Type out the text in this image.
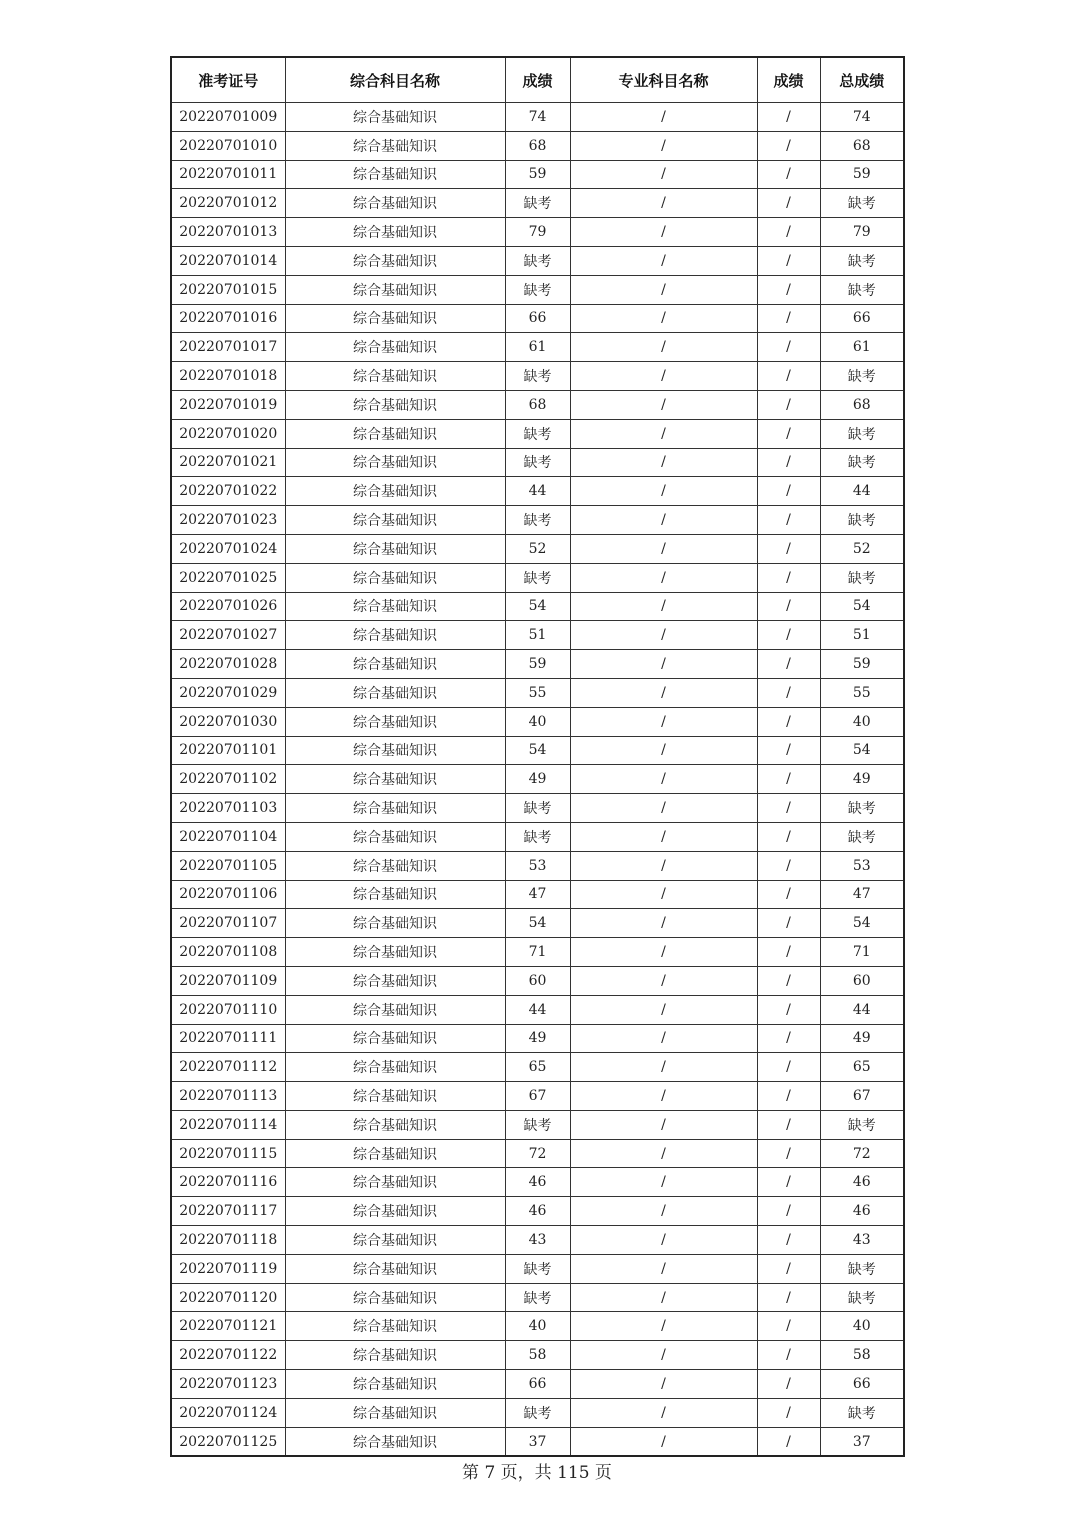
准考证号	综合科目名称	成绩	专业科目名称	成绩	总成绩
20220701009	综合基础知识	74	/	/	74
20220701010	综合基础知识	68	/	/	68
20220701011	综合基础知识	59	/	/	59
20220701012	综合基础知识	缺考	/	/	缺考
20220701013	综合基础知识	79	/	/	79
20220701014	综合基础知识	缺考	/	/	缺考
20220701015	综合基础知识	缺考	/	/	缺考
20220701016	综合基础知识	66	/	/	66
20220701017	综合基础知识	61	/	/	61
20220701018	综合基础知识	缺考	/	/	缺考
20220701019	综合基础知识	68	/	/	68
20220701020	综合基础知识	缺考	/	/	缺考
20220701021	综合基础知识	缺考	/	/	缺考
20220701022	综合基础知识	44	/	/	44
20220701023	综合基础知识	缺考	/	/	缺考
20220701024	综合基础知识	52	/	/	52
20220701025	综合基础知识	缺考	/	/	缺考
20220701026	综合基础知识	54	/	/	54
20220701027	综合基础知识	51	/	/	51
20220701028	综合基础知识	59	/	/	59
20220701029	综合基础知识	55	/	/	55
20220701030	综合基础知识	40	/	/	40
20220701101	综合基础知识	54	/	/	54
20220701102	综合基础知识	49	/	/	49
20220701103	综合基础知识	缺考	/	/	缺考
20220701104	综合基础知识	缺考	/	/	缺考
20220701105	综合基础知识	53	/	/	53
20220701106	综合基础知识	47	/	/	47
20220701107	综合基础知识	54	/	/	54
20220701108	综合基础知识	71	/	/	71
20220701109	综合基础知识	60	/	/	60
20220701110	综合基础知识	44	/	/	44
20220701111	综合基础知识	49	/	/	49
20220701112	综合基础知识	65	/	/	65
20220701113	综合基础知识	67	/	/	67
20220701114	综合基础知识	缺考	/	/	缺考
20220701115	综合基础知识	72	/	/	72
20220701116	综合基础知识	46	/	/	46
20220701117	综合基础知识	46	/	/	46
20220701118	综合基础知识	43	/	/	43
20220701119	综合基础知识	缺考	/	/	缺考
20220701120	综合基础知识	缺考	/	/	缺考
20220701121	综合基础知识	40	/	/	40
20220701122	综合基础知识	58	/	/	58
20220701123	综合基础知识	66	/	/	66
20220701124	综合基础知识	缺考	/	/	缺考
20220701125	综合基础知识	37	/	/	37
第 7 页，共 115 页
